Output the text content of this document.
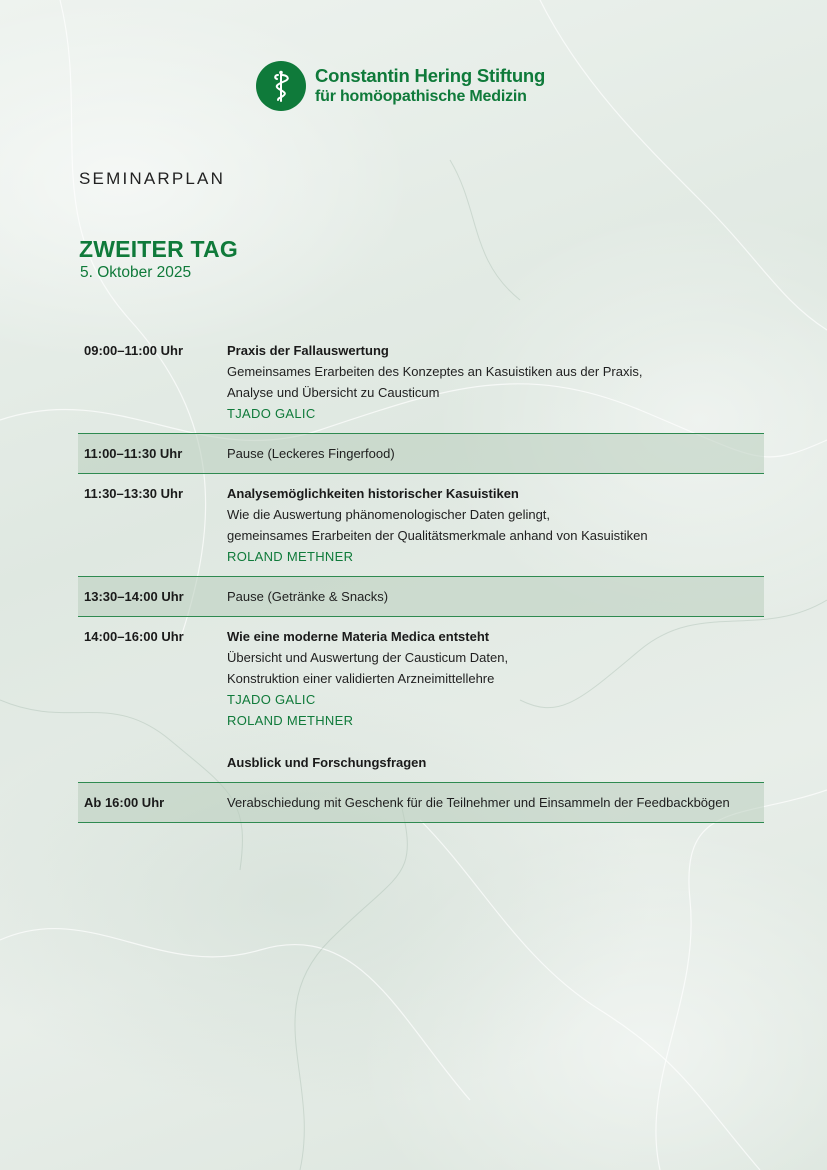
Constantin Hering Stiftung
für homöopathische Medizin
SEMINARPLAN
ZWEITER TAG
5. Oktober 2025
09:00–11:00 Uhr	Praxis der Fallauswertung
Gemeinsames Erarbeiten des Konzeptes an Kasuistiken aus der Praxis,
Analyse und Übersicht zu Causticum
TJADO GALIC
11:00–11:30 Uhr	Pause (Leckeres Fingerfood)
11:30–13:30 Uhr	Analysemöglichkeiten historischer Kasuistiken
Wie die Auswertung phänomenologischer Daten gelingt,
gemeinsames Erarbeiten der Qualitätsmerkmale anhand von Kasuistiken
ROLAND METHNER
13:30–14:00 Uhr	Pause (Getränke & Snacks)
14:00–16:00 Uhr	Wie eine moderne Materia Medica entsteht
Übersicht und Auswertung der Causticum Daten,
Konstruktion einer validierten Arzneimittellehre
TJADO GALIC
ROLAND METHNER
Ausblick und Forschungsfragen
Ab 16:00 Uhr	Verabschiedung mit Geschenk für die Teilnehmer und Einsammeln der Feedbackbögen
